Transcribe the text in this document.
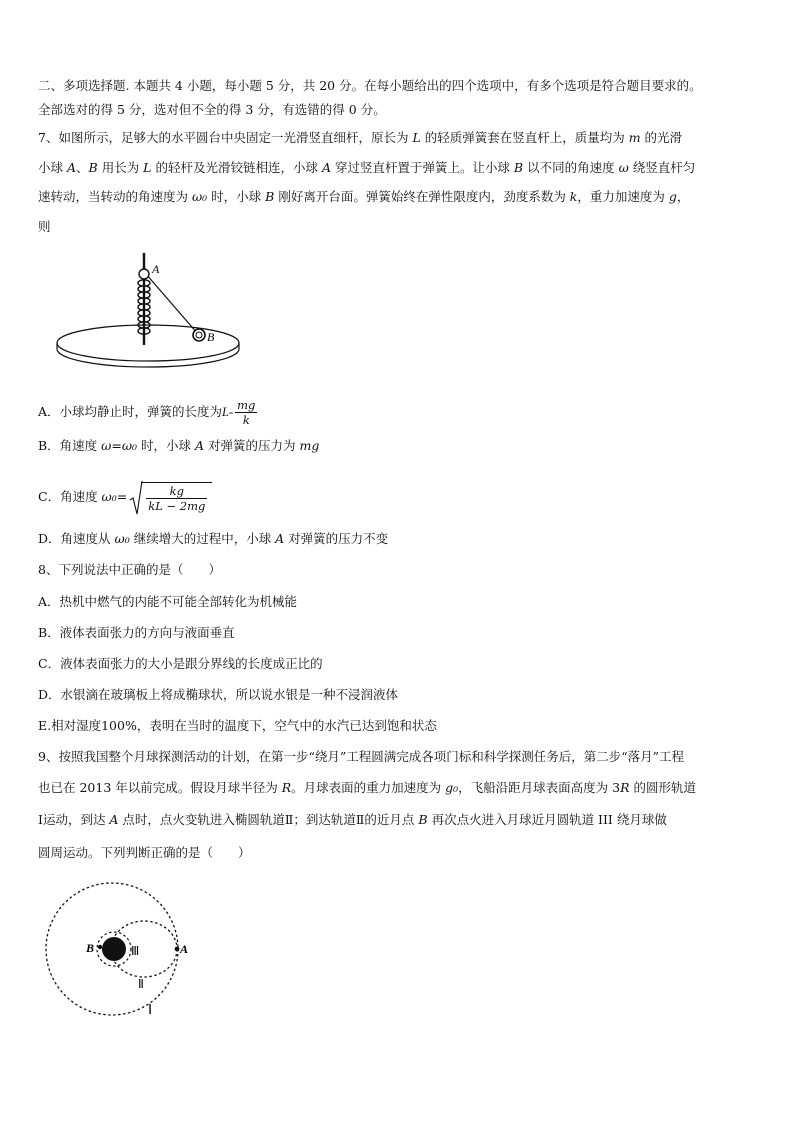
二、多项选择题. 本题共 4 小题，每小题 5 分，共 20 分。在每小题给出的四个选项中，有多个选项是符合题目要求的。
全部选对的得 5 分，选对但不全的得 3 分，有选错的得 0 分。
7、如图所示，足够大的水平圆台中央固定一光滑竖直细杆，原长为 L 的轻质弹簧套在竖直杆上，质量均为 m 的光滑
小球 A、B 用长为 L 的轻杆及光滑铰链相连，小球 A 穿过竖直杆置于弹簧上。让小球 B 以不同的角速度 ω 绕竖直杆匀
速转动，当转动的角速度为 ω₀ 时，小球 B 刚好离开台面。弹簧始终在弹性限度内，劲度系数为 k，重力加速度为 g，
则
A
B
A．小球均静止时，弹簧的长度为$L- \frac{mg}{k}$
B．角速度 ω=ω₀ 时，小球 A 对弹簧的压力为 mg
C．角速度 $\omega_0= \frac{kg}{kL - 2mg}$
D．角速度从 ω₀ 继续增大的过程中，小球 A 对弹簧的压力不变
8、下列说法中正确的是（　　）
A．热机中燃气的内能不可能全部转化为机械能
B．液体表面张力的方向与液面垂直
C．液体表面张力的大小是跟分界线的长度成正比的
D．水银滴在玻璃板上将成椭球状，所以说水银是一种不浸润液体
E.相对湿度100%，表明在当时的温度下，空气中的水汽已达到饱和状态
9、按照我国整个月球探测活动的计划，在第一步“绕月”工程圆满完成各项门标和科学探测任务后，第二步“落月”工程
也已在 2013 年以前完成。假设月球半径为 R。月球表面的重力加速度为 g₀，飞船沿距月球表面高度为 3R 的圆形轨道
Ⅰ运动，到达 A 点时，点火变轨进入椭圆轨道Ⅱ；到达轨道Ⅱ的近月点 B 再次点火进入月球近月圆轨道 III 绕月球做
圆周运动。下列判断正确的是（　　）
B	A
Ⅲ
Ⅱ
Ⅰ
